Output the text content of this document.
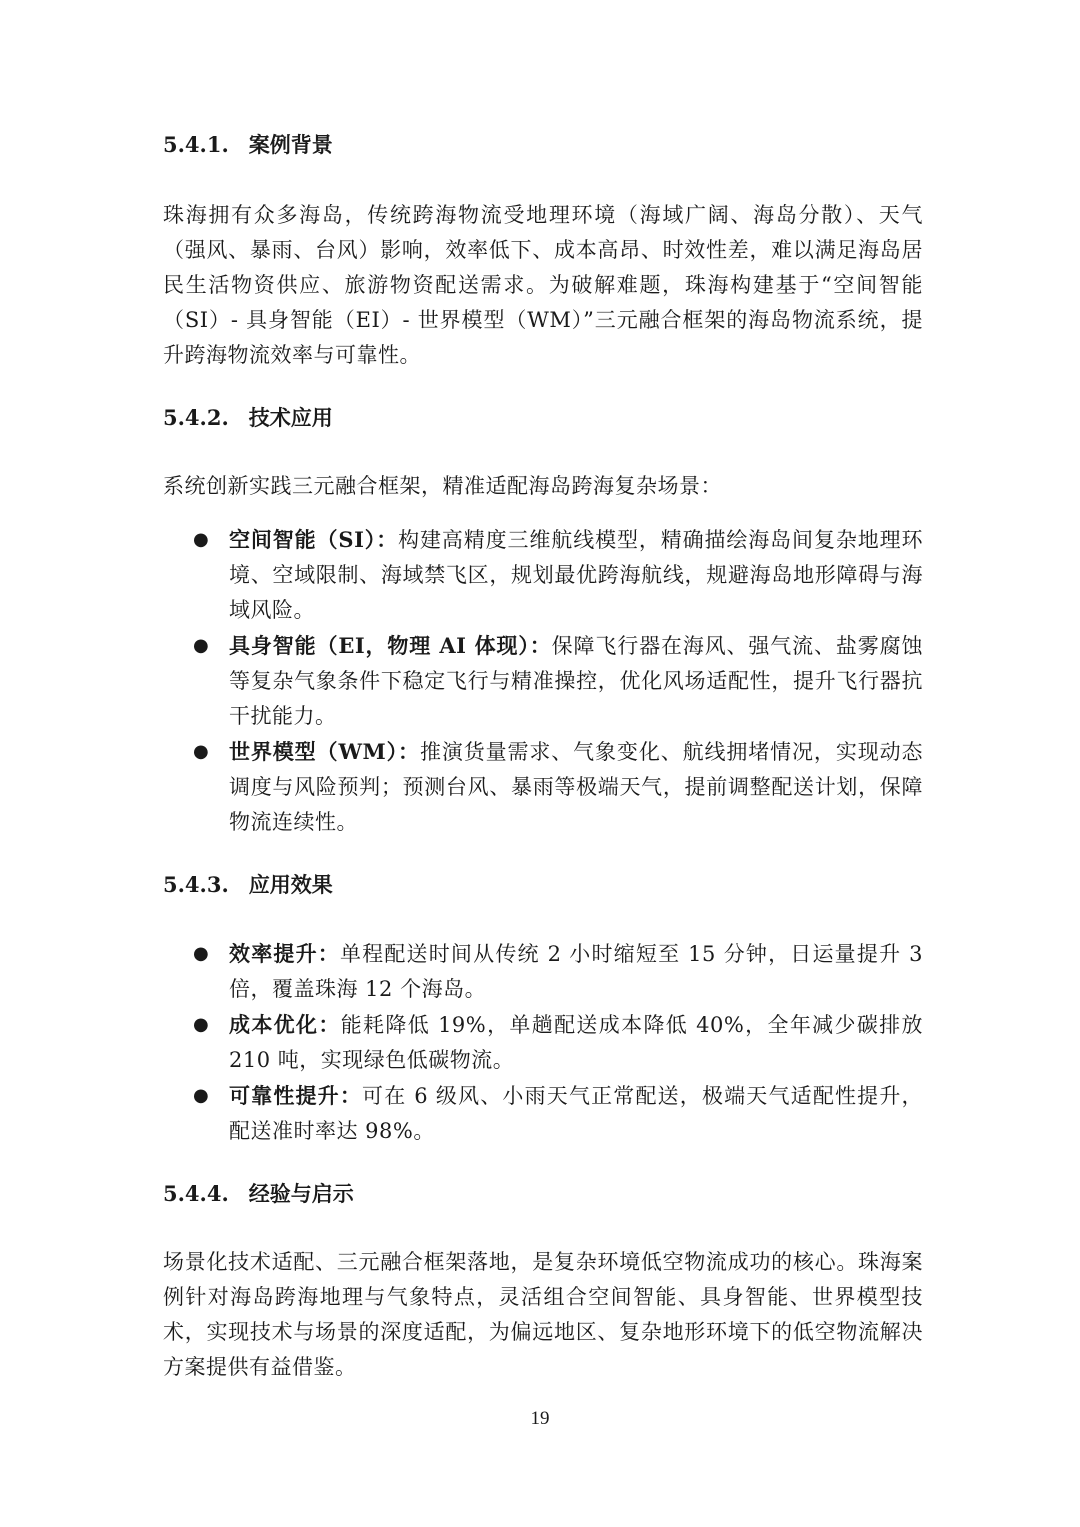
5.4.1. 案例背景

珠海拥有众多海岛，传统跨海物流受地理环境（海域广阔、海岛分散）、天气（强风、暴雨、台风）影响，效率低下、成本高昂、时效性差，难以满足海岛居民生活物资供应、旅游物资配送需求。为破解难题，珠海构建基于“空间智能（SI）- 具身智能（EI）- 世界模型（WM）”三元融合框架的海岛物流系统，提升跨海物流效率与可靠性。

5.4.2. 技术应用

系统创新实践三元融合框架，精准适配海岛跨海复杂场景：

● 空间智能（SI）：构建高精度三维航线模型，精确描绘海岛间复杂地理环境、空域限制、海域禁飞区，规划最优跨海航线，规避海岛地形障碍与海域风险。
● 具身智能（EI，物理 AI 体现）：保障飞行器在海风、强气流、盐雾腐蚀等复杂气象条件下稳定飞行与精准操控，优化风场适配性，提升飞行器抗干扰能力。
● 世界模型（WM）：推演货量需求、气象变化、航线拥堵情况，实现动态调度与风险预判；预测台风、暴雨等极端天气，提前调整配送计划，保障物流连续性。
5.4.3. 应用效果
● 效率提升：单程配送时间从传统 2 小时缩短至 15 分钟，日运量提升 3 倍，覆盖珠海 12 个海岛。
● 成本优化：能耗降低 19%，单趟配送成本降低 40%，全年减少碳排放 210 吨，实现绿色低碳物流。
● 可靠性提升：可在 6 级风、小雨天气正常配送，极端天气适配性提升，配送准时率达 98%。
5.4.4. 经验与启示

场景化技术适配、三元融合框架落地，是复杂环境低空物流成功的核心。珠海案例针对海岛跨海地理与气象特点，灵活组合空间智能、具身智能、世界模型技术，实现技术与场景的深度适配，为偏远地区、复杂地形环境下的低空物流解决方案提供有益借鉴。

19
